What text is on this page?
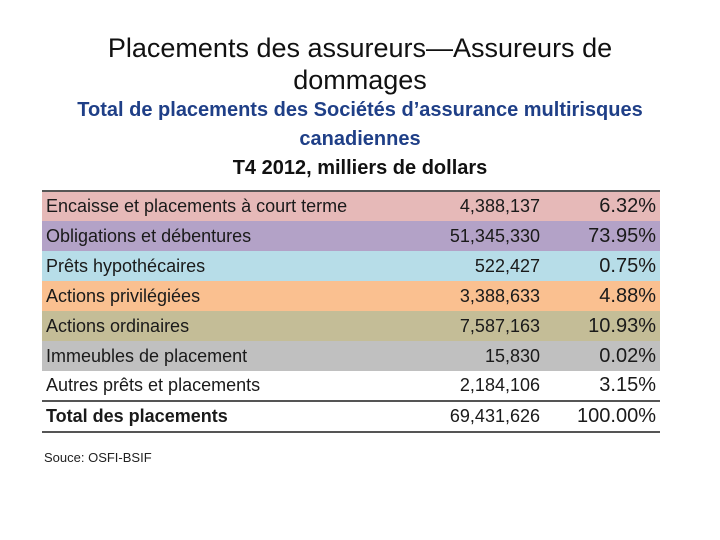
Placements des assureurs—Assureurs de dommages
Total de placements des Sociétés d’assurance multirisques
canadiennes
T4 2012, milliers de dollars
Encaisse et placements à court terme	4,388,137	6.32%
Obligations et débentures	51,345,330	73.95%
Prêts hypothécaires	522,427	0.75%
Actions privilégiées	3,388,633	4.88%
Actions ordinaires	7,587,163	10.93%
Immeubles de placement	15,830	0.02%
Autres prêts et placements	2,184,106	3.15%
Total des placements	69,431,626	100.00%
Souce: OSFI-BSIF
